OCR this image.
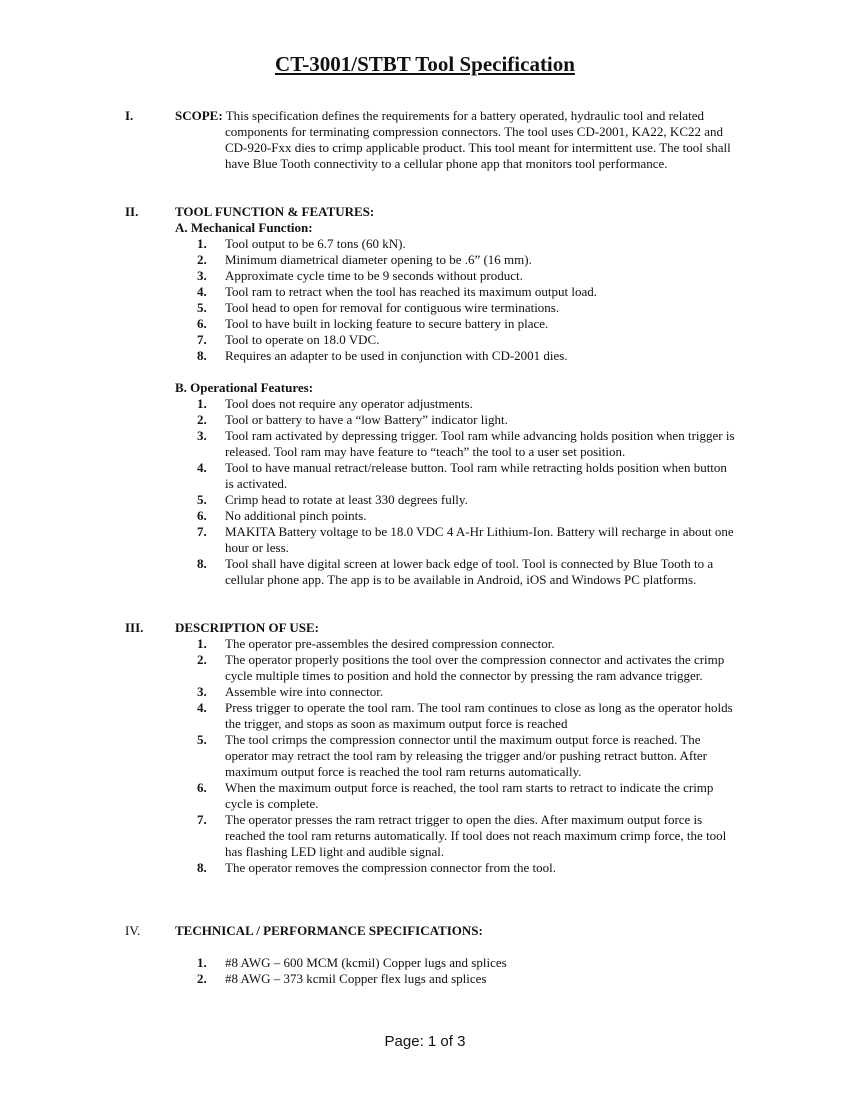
CT-3001/STBT Tool Specification
I.	SCOPE: This specification defines the requirements for a battery operated, hydraulic tool and related components for terminating compression connectors. The tool uses CD-2001, KA22, KC22 and CD-920-Fxx dies to crimp applicable product. This tool meant for intermittent use. The tool shall have Blue Tooth connectivity to a cellular phone app that monitors tool performance.
II.	TOOL FUNCTION & FEATURES:
A. Mechanical Function:
1. Tool output to be 6.7 tons (60 kN).
2. Minimum diametrical diameter opening to be .6” (16 mm).
3. Approximate cycle time to be 9 seconds without product.
4. Tool ram to retract when the tool has reached its maximum output load.
5. Tool head to open for removal for contiguous wire terminations.
6. Tool to have built in locking feature to secure battery in place.
7. Tool to operate on 18.0 VDC.
8. Requires an adapter to be used in conjunction with CD-2001 dies.
B. Operational Features:
1. Tool does not require any operator adjustments.
2. Tool or battery to have a “low Battery” indicator light.
3. Tool ram activated by depressing trigger. Tool ram while advancing holds position when trigger is released. Tool ram may have feature to “teach” the tool to a user set position.
4. Tool to have manual retract/release button. Tool ram while retracting holds position when button is activated.
5. Crimp head to rotate at least 330 degrees fully.
6. No additional pinch points.
7. MAKITA Battery voltage to be 18.0 VDC 4 A-Hr Lithium-Ion. Battery will recharge in about one hour or less.
8. Tool shall have digital screen at lower back edge of tool. Tool is connected by Blue Tooth to a cellular phone app. The app is to be available in Android, iOS and Windows PC platforms.
III. DESCRIPTION OF USE:
1. The operator pre-assembles the desired compression connector.
2. The operator properly positions the tool over the compression connector and activates the crimp cycle multiple times to position and hold the connector by pressing the ram advance trigger.
3. Assemble wire into connector.
4. Press trigger to operate the tool ram. The tool ram continues to close as long as the operator holds the trigger, and stops as soon as maximum output force is reached
5. The tool crimps the compression connector until the maximum output force is reached. The operator may retract the tool ram by releasing the trigger and/or pushing retract button. After maximum output force is reached the tool ram returns automatically.
6. When the maximum output force is reached, the tool ram starts to retract to indicate the crimp cycle is complete.
7. The operator presses the ram retract trigger to open the dies. After maximum output force is reached the tool ram returns automatically. If tool does not reach maximum crimp force, the tool has flashing LED light and audible signal.
8. The operator removes the compression connector from the tool.
IV.	TECHNICAL / PERFORMANCE SPECIFICATIONS:
1. #8 AWG – 600 MCM (kcmil) Copper lugs and splices
2. #8 AWG – 373 kcmil Copper flex lugs and splices
Page: 1 of 3
